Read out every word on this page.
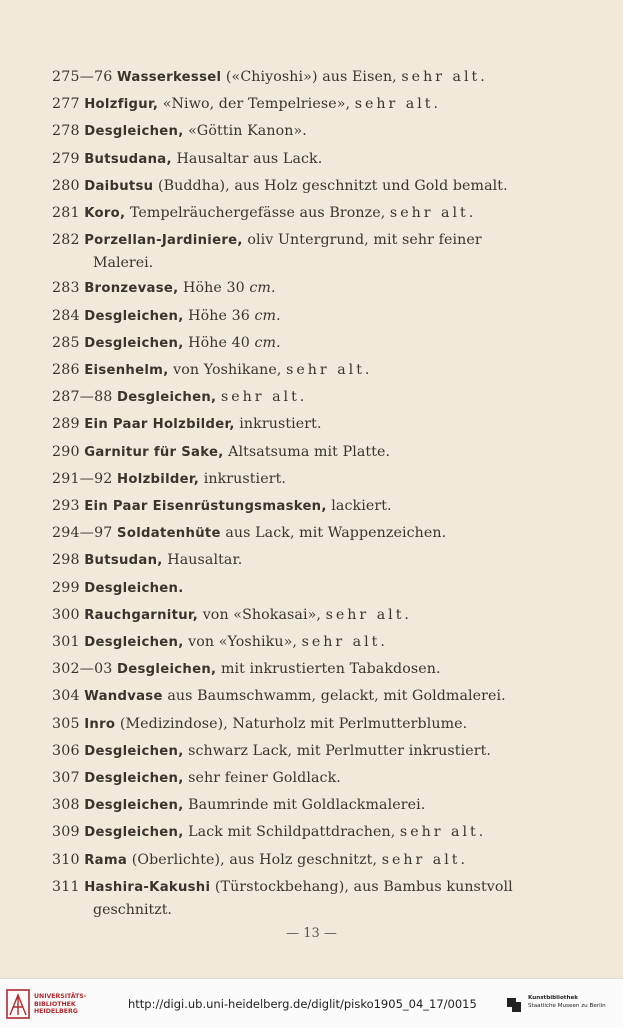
275—76 Wasserkessel («Chiyoshi») aus Eisen, sehr alt.
277 Holzfigur, «Niwo, der Tempelriese», sehr alt.
278 Desgleichen, «Göttin Kanon».
279 Butsudana, Hausaltar aus Lack.
280 Daibutsu (Buddha), aus Holz geschnitzt und Gold bemalt.
281 Koro, Tempelräuchergefässe aus Bronze, sehr alt.
282 Porzellan-Jardiniere, oliv Untergrund, mit sehr feiner
Malerei.
283 Bronzevase, Höhe 30 cm.
284 Desgleichen, Höhe 36 cm.
285 Desgleichen, Höhe 40 cm.
286 Eisenhelm, von Yoshikane, sehr alt.
287—88 Desgleichen, sehr alt.
289 Ein Paar Holzbilder, inkrustiert.
290 Garnitur für Sake, Altsatsuma mit Platte.
291—92 Holzbilder, inkrustiert.
293 Ein Paar Eisenrüstungsmasken, lackiert.
294—97 Soldatenhüte aus Lack, mit Wappenzeichen.
298 Butsudan, Hausaltar.
299 Desgleichen.
300 Rauchgarnitur, von «Shokasai», sehr alt.
301 Desgleichen, von «Yoshiku», sehr alt.
302—03 Desgleichen, mit inkrustierten Tabakdosen.
304 Wandvase aus Baumschwamm, gelackt, mit Goldmalerei.
305 Inro (Medizindose), Naturholz mit Perlmutterblume.
306 Desgleichen, schwarz Lack, mit Perlmutter inkrustiert.
307 Desgleichen, sehr feiner Goldlack.
308 Desgleichen, Baumrinde mit Goldlackmalerei.
309 Desgleichen, Lack mit Schildpattdrachen, sehr alt.
310 Rama (Oberlichte), aus Holz geschnitzt, sehr alt.
311 Hashira-Kakushi (Türstockbehang), aus Bambus kunstvoll
geschnitzt.
— 13 —
UNIVERSITÄTS-
BIBLIOTHEK
HEIDELBERG
http://digi.ub.uni-heidelberg.de/diglit/pisko1905_04_17/0015	Kunstbibliothek
Staatliche Museen zu Berlin
